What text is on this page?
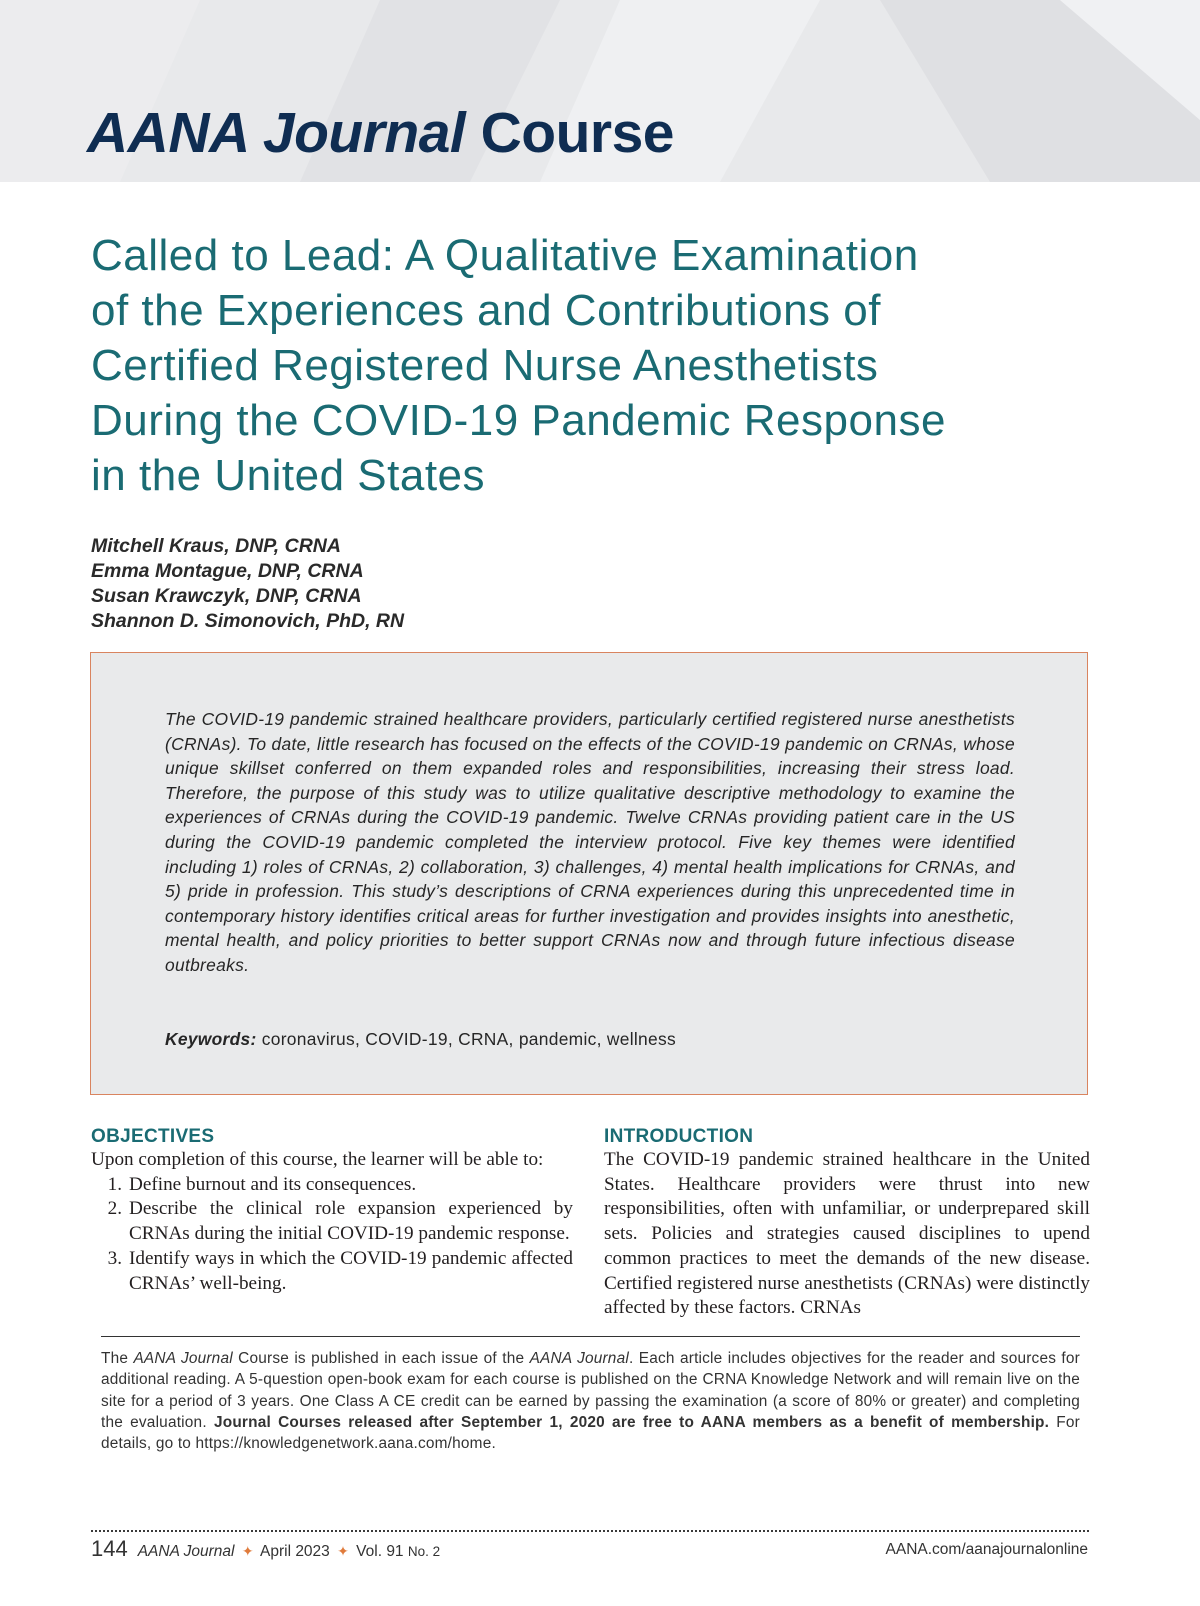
AANA Journal Course
Called to Lead: A Qualitative Examination
of the Experiences and Contributions of
Certified Registered Nurse Anesthetists
During the COVID-19 Pandemic Response
in the United States
Mitchell Kraus, DNP, CRNA
Emma Montague, DNP, CRNA
Susan Krawczyk, DNP, CRNA
Shannon D. Simonovich, PhD, RN

The COVID-19 pandemic strained healthcare providers, particularly certified registered nurse anesthetists (CRNAs). To date, little research has focused on the effects of the COVID-19 pandemic on CRNAs, whose unique skillset conferred on them expanded roles and responsibilities, increasing their stress load. Therefore, the purpose of this study was to utilize qualitative descriptive methodology to examine the experiences of CRNAs during the COVID-19 pandemic. Twelve CRNAs providing patient care in the US during the COVID-19 pandemic completed the interview protocol. Five key themes were identified including 1) roles of CRNAs, 2) collaboration, 3) challenges, 4) mental health implications for CRNAs, and 5) pride in profession. This study’s descriptions of CRNA experiences during this unprecedented time in contemporary history identifies critical areas for further investigation and provides insights into anesthetic, mental health, and policy priorities to better support CRNAs now and through future infectious disease outbreaks.

Keywords: coronavirus, COVID-19, CRNA, pandemic, wellness

OBJECTIVES

Upon completion of this course, the learner will be able to:

1. Define burnout and its consequences.
2. Describe the clinical role expansion experienced by CRNAs during the initial COVID-19 pandemic response.
3. Identify ways in which the COVID-19 pandemic affected CRNAs’ well-being.
INTRODUCTION

The COVID-19 pandemic strained healthcare in the United States. Healthcare providers were thrust into new responsibilities, often with unfamiliar, or underprepared skill sets. Policies and strategies caused disciplines to upend common practices to meet the demands of the new disease. Certified registered nurse anesthetists (CRNAs) were distinctly affected by these factors. CRNAs

The AANA Journal Course is published in each issue of the AANA Journal. Each article includes objectives for the reader and sources for additional reading. A 5-question open-book exam for each course is published on the CRNA Knowledge Network and will remain live on the site for a period of 3 years. One Class A CE credit can be earned by passing the examination (a score of 80% or greater) and completing the evaluation. Journal Courses released after September 1, 2020 are free to AANA members as a benefit of membership. For details, go to https://knowledgenetwork.aana.com/home.

144 AANA Journal ✦ April 2023 ✦ Vol. 91 No. 2	AANA.com/aanajournalonline
